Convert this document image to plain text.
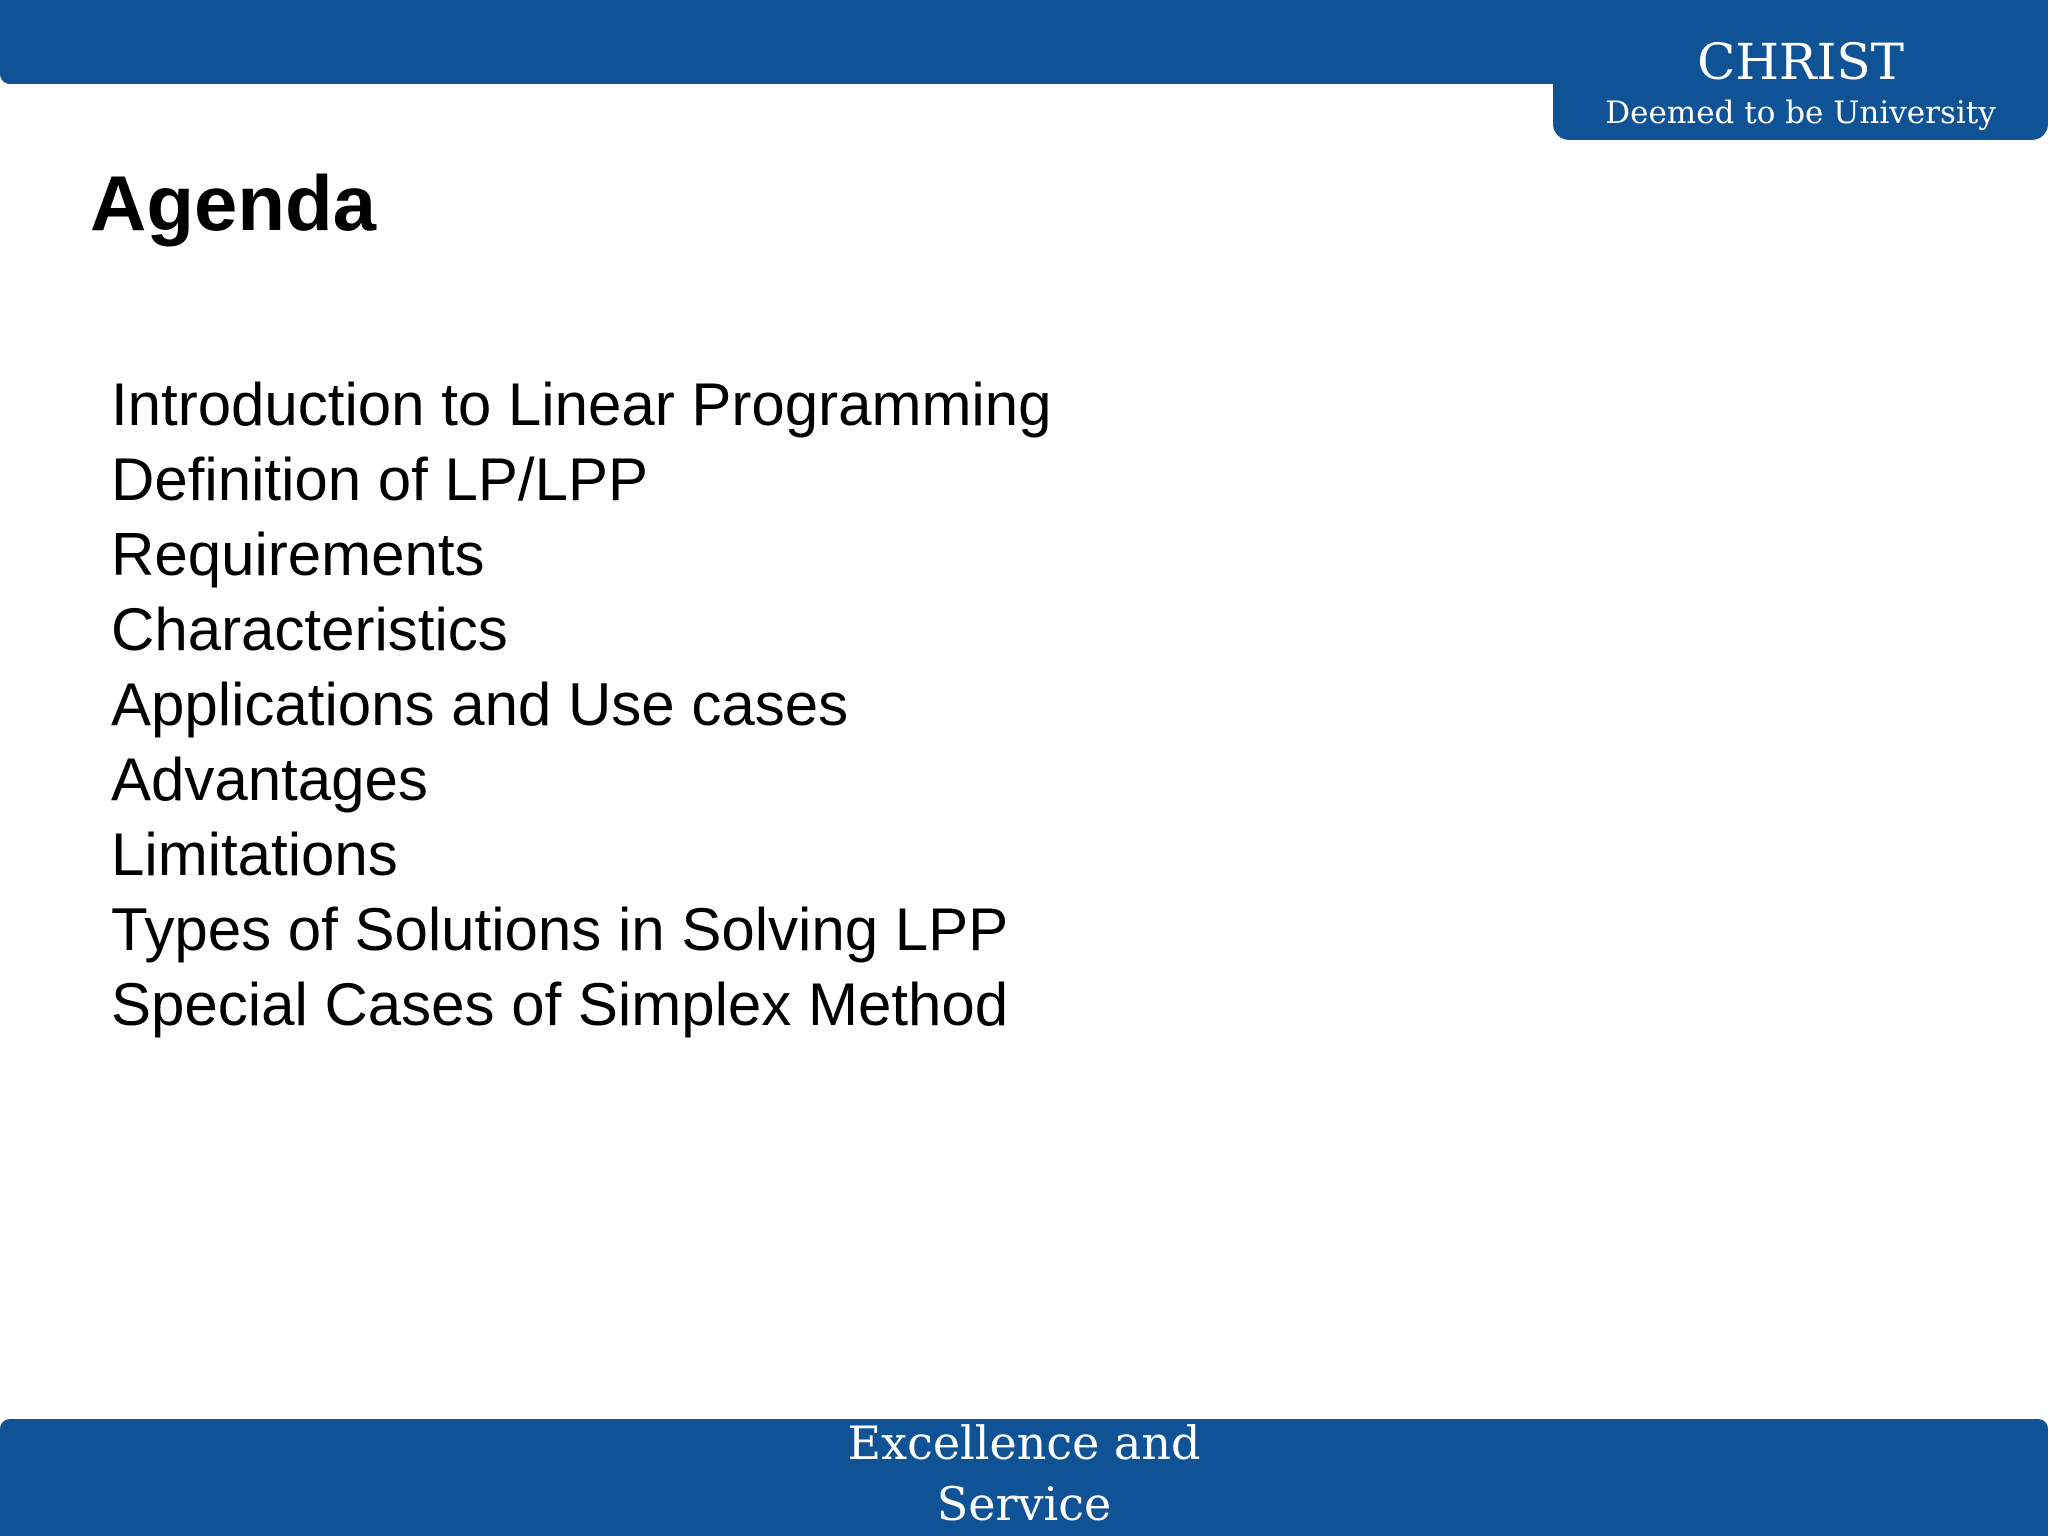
CHRIST
Deemed to be University
Agenda
Introduction to Linear Programming
Definition of LP/LPP
Requirements
Characteristics
Applications and Use cases
Advantages
Limitations
Types of Solutions in Solving LPP
Special Cases of Simplex Method
Excellence and
Service
